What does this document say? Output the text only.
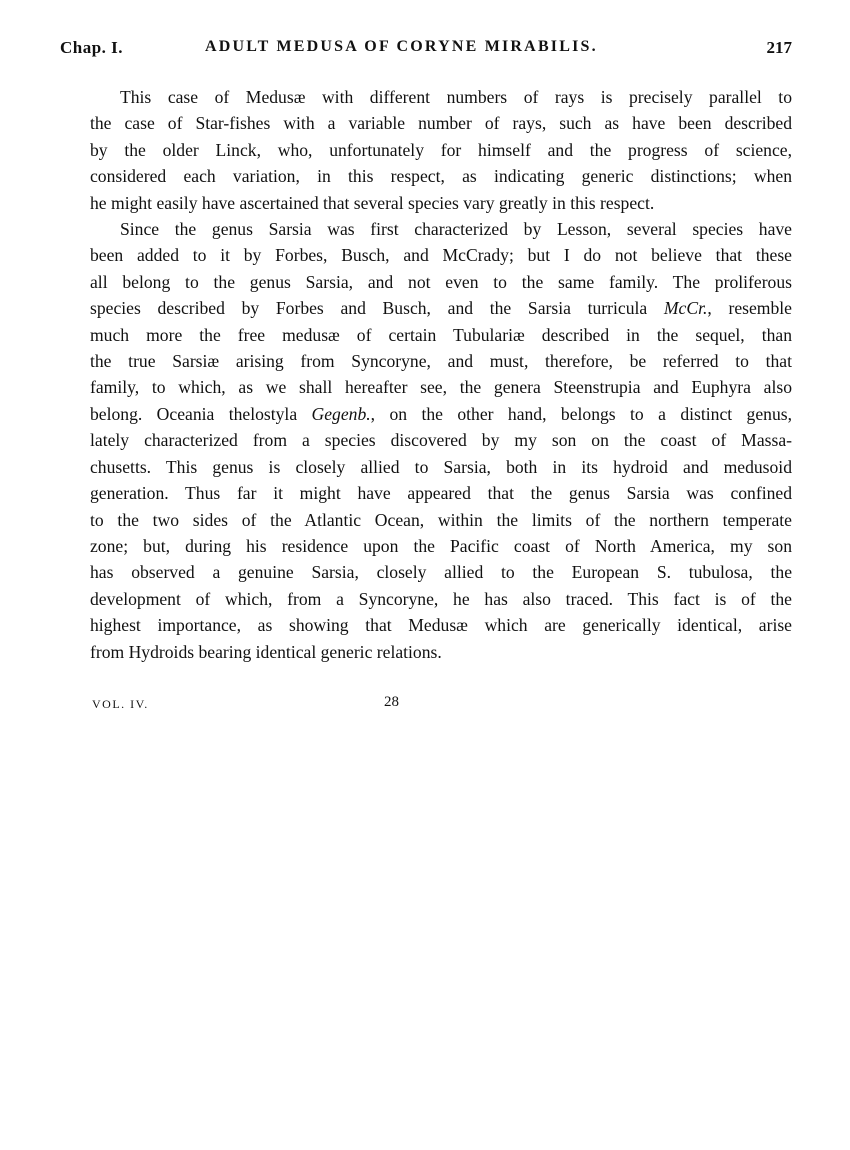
Chap. I.	ADULT MEDUSA OF CORYNE MIRABILIS.	217
This case of Medusæ with different numbers of rays is precisely parallel to
the case of Star-fishes with a variable number of rays, such as have been described
by the older Linck, who, unfortunately for himself and the progress of science,
considered each variation, in this respect, as indicating generic distinctions; when
he might easily have ascertained that several species vary greatly in this respect.
Since the genus Sarsia was first characterized by Lesson, several species have
been added to it by Forbes, Busch, and McCrady; but I do not believe that these
all belong to the genus Sarsia, and not even to the same family. The proliferous
species described by Forbes and Busch, and the Sarsia turricula McCr., resemble
much more the free medusæ of certain Tubulariæ described in the sequel, than
the true Sarsiæ arising from Syncoryne, and must, therefore, be referred to that
family, to which, as we shall hereafter see, the genera Steenstrupia and Euphyra also
belong. Oceania thelostyla Gegenb., on the other hand, belongs to a distinct genus,
lately characterized from a species discovered by my son on the coast of Massa-
chusetts. This genus is closely allied to Sarsia, both in its hydroid and medusoid
generation. Thus far it might have appeared that the genus Sarsia was confined
to the two sides of the Atlantic Ocean, within the limits of the northern temperate
zone; but, during his residence upon the Pacific coast of North America, my son
has observed a genuine Sarsia, closely allied to the European S. tubulosa, the
development of which, from a Syncoryne, he has also traced. This fact is of the
highest importance, as showing that Medusæ which are generically identical, arise
from Hydroids bearing identical generic relations.
VOL. IV.	28
